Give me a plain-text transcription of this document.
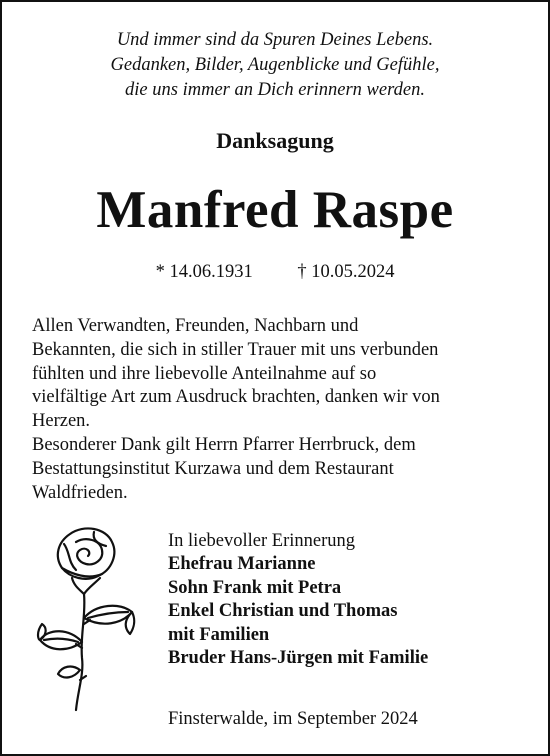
Und immer sind da Spuren Deines Lebens.
Gedanken, Bilder, Augenblicke und Gefühle,
die uns immer an Dich erinnern werden.
Danksagung
Manfred Raspe
* 14.06.1931 † 10.05.2024
Allen Verwandten, Freunden, Nachbarn und
Bekannten, die sich in stiller Trauer mit uns verbunden
fühlten und ihre liebevolle Anteilnahme auf so
vielfältige Art zum Ausdruck brachten, danken wir von
Herzen.
Besonderer Dank gilt Herrn Pfarrer Herrbruck, dem
Bestattungsinstitut Kurzawa und dem Restaurant
Waldfrieden.
In liebevoller Erinnerung
Ehefrau Marianne
Sohn Frank mit Petra
Enkel Christian und Thomas
mit Familien
Bruder Hans-Jürgen mit Familie
Finsterwalde, im September 2024
